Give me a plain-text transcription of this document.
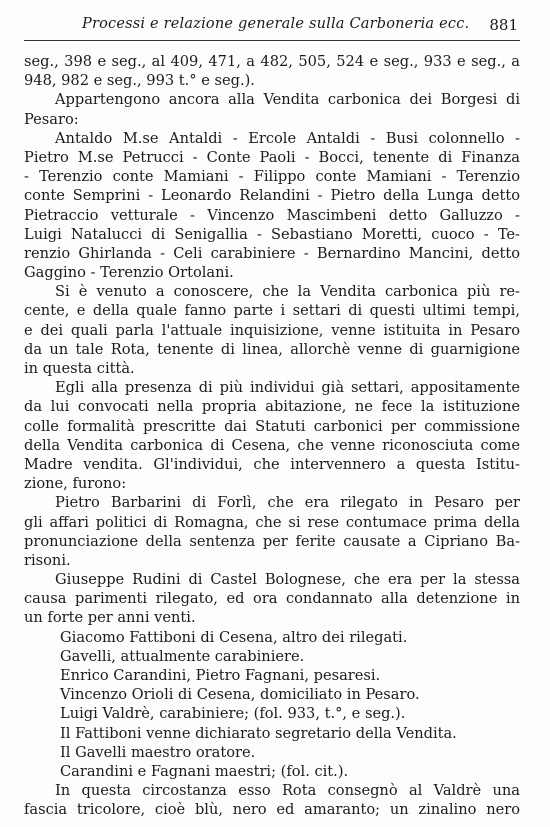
Processi e relazione generale sulla Carboneria ecc. 881
seg., 398 e seg., al 409, 471, a 482, 505, 524 e seg., 933 e seg., a
948, 982 e seg., 993 t.° e seg.).
Appartengono ancora alla Vendita carbonica dei Borgesi di
Pesaro:
Antaldo M.se Antaldi - Ercole Antaldi - Busi colonnello -
Pietro M.se Petrucci - Conte Paoli - Bocci, tenente di Finanza
- Terenzio conte Mamiani - Filippo conte Mamiani - Terenzio
conte Semprini - Leonardo Relandini - Pietro della Lunga detto
Pietraccio vetturale - Vincenzo Mascimbeni detto Galluzzo -
Luigi Natalucci di Senigallia - Sebastiano Moretti, cuoco - Te-
renzio Ghirlanda - Celi carabiniere - Bernardino Mancini, detto
Gaggino - Terenzio Ortolani.
Si è venuto a conoscere, che la Vendita carbonica più re-
cente, e della quale fanno parte i settari di questi ultimi tempi,
e dei quali parla l'attuale inquisizione, venne istituita in Pesaro
da un tale Rota, tenente di linea, allorchè venne di guarnigione
in questa città.
Egli alla presenza di più individui già settari, appositamente
da lui convocati nella propria abitazione, ne fece la istituzione
colle formalità prescritte dai Statuti carbonici per commissione
della Vendita carbonica di Cesena, che venne riconosciuta come
Madre vendita. Gl'individui, che intervennero a questa Istitu-
zione, furono:
Pietro Barbarini di Forlì, che era rilegato in Pesaro per
gli affari politici di Romagna, che si rese contumace prima della
pronunciazione della sentenza per ferite causate a Cipriano Ba-
risoni.
Giuseppe Rudini di Castel Bolognese, che era per la stessa
causa parimenti rilegato, ed ora condannato alla detenzione in
un forte per anni venti.
Giacomo Fattiboni di Cesena, altro dei rilegati.
Gavelli, attualmente carabiniere.
Enrico Carandini, Pietro Fagnani, pesaresi.
Vincenzo Orioli di Cesena, domiciliato in Pesaro.
Luigi Valdrè, carabiniere; (fol. 933, t.°, e seg.).
Il Fattiboni venne dichiarato segretario della Vendita.
Il Gavelli maestro oratore.
Carandini e Fagnani maestri; (fol. cit.).
In questa circostanza esso Rota consegnò al Valdrè una
fascia tricolore, cioè blù, nero ed amaranto; un zinalino nero
